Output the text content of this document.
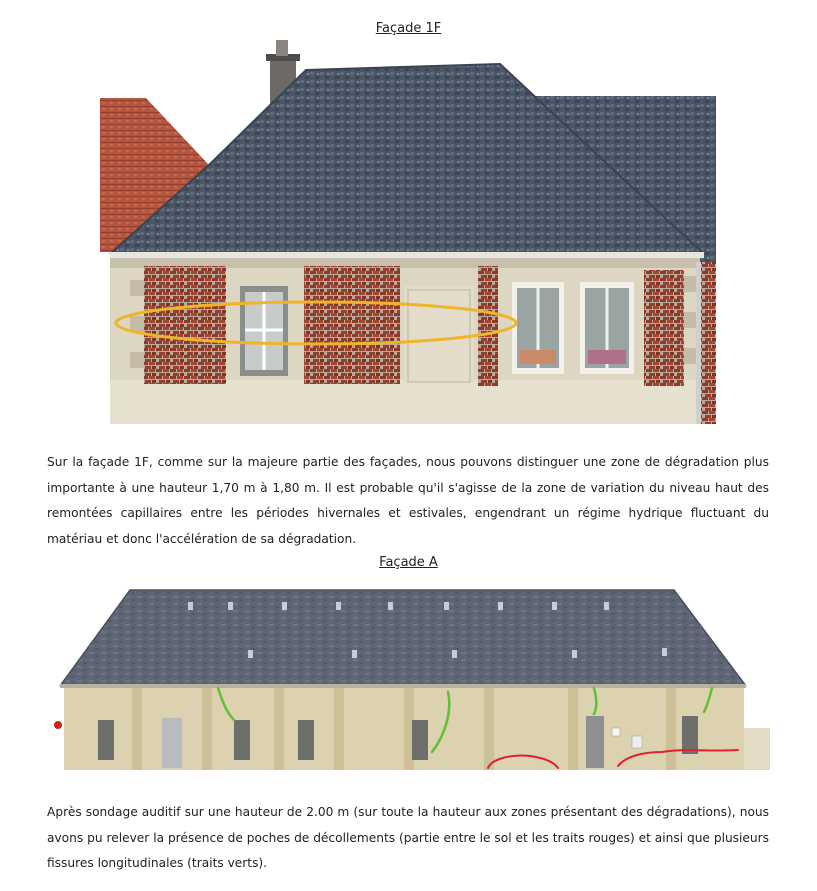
Façade 1F
Sur la façade 1F, comme sur la majeure partie des façades, nous pouvons distinguer une zone de dégradation plus importante à une hauteur 1,70 m à 1,80 m. Il est probable qu'il s'agisse de la zone de variation du niveau haut des remontées capillaires entre les périodes hivernales et estivales, engendrant un régime hydrique fluctuant du matériau et donc l'accélération de sa dégradation.
Façade A
Après sondage auditif sur une hauteur de 2.00 m (sur toute la hauteur aux zones présentant des dégradations), nous avons pu relever la présence de poches de décollements (partie entre le sol et les traits rouges) et ainsi que plusieurs fissures longitudinales (traits verts).
